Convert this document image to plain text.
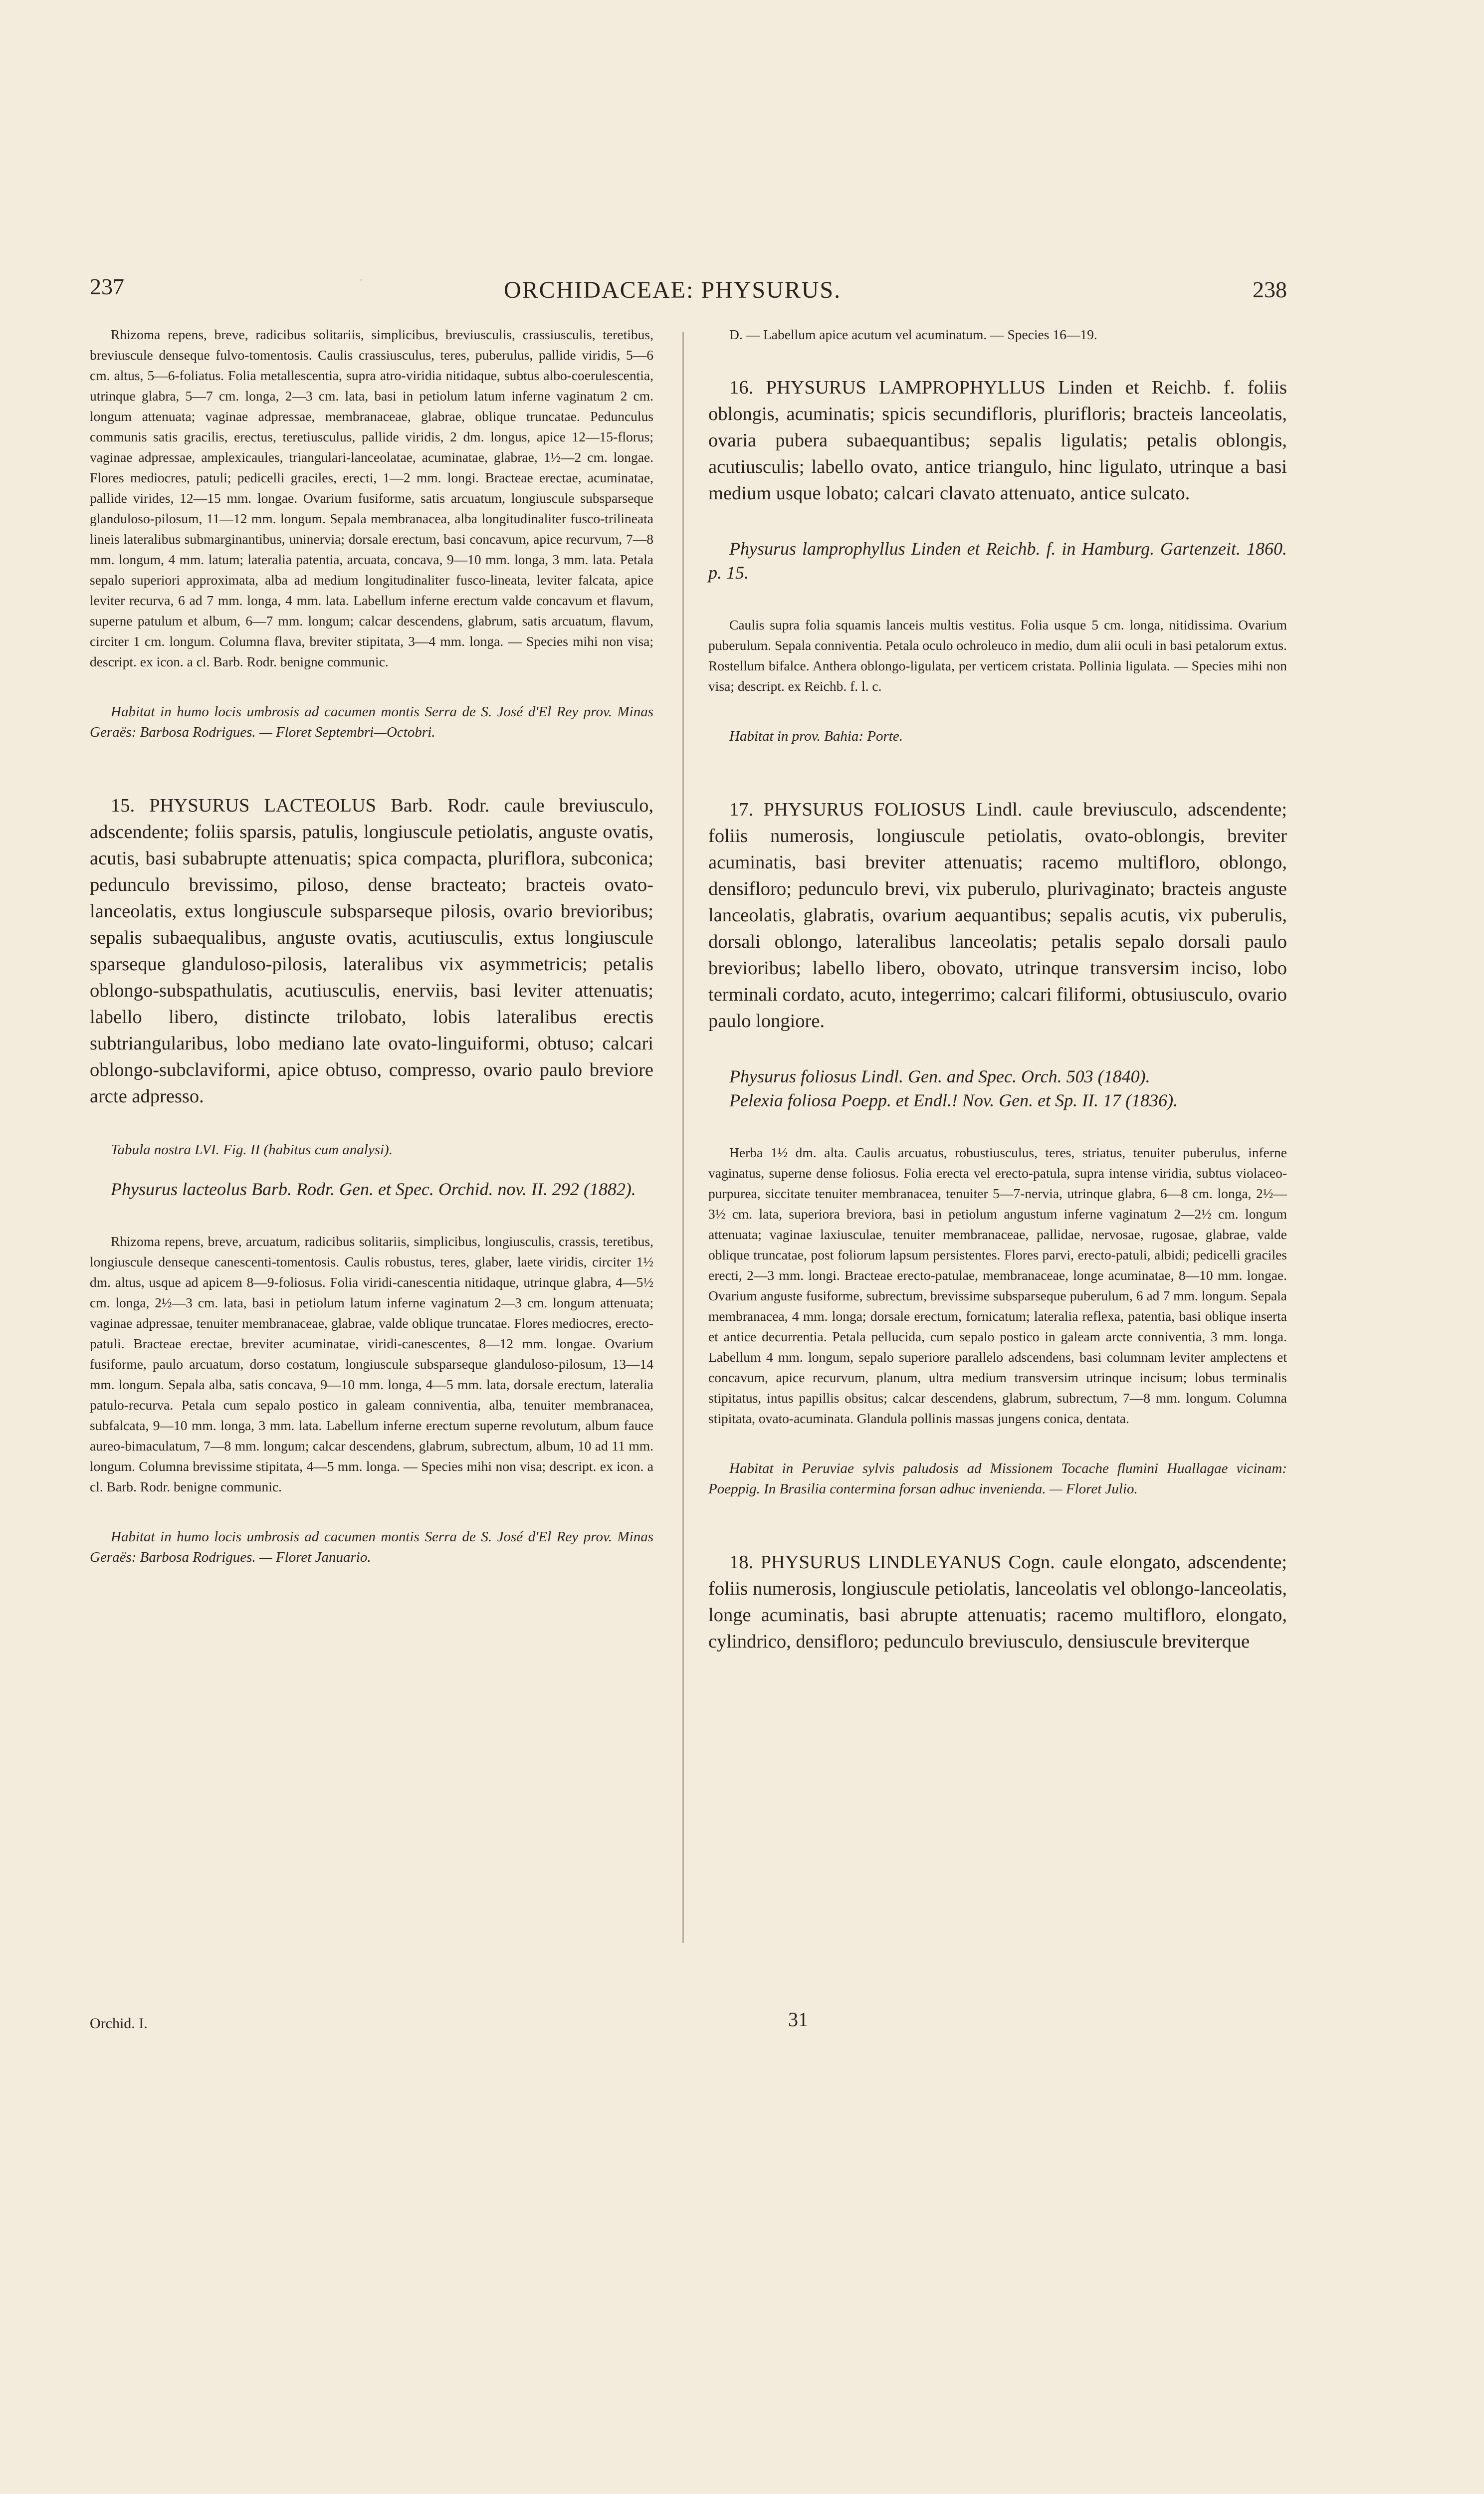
237	ORCHIDACEAE: PHYSURUS.	238
'

Rhizoma repens, breve, radicibus solitariis, simplicibus, breviusculis, crassiusculis, teretibus, breviuscule denseque fulvo-tomentosis. Caulis crassiusculus, teres, puberulus, pallide viridis, 5—6 cm. altus, 5—6-foliatus. Folia metallescentia, supra atro-viridia nitidaque, subtus albo-coerulescentia, utrinque glabra, 5—7 cm. longa, 2—3 cm. lata, basi in petiolum latum inferne vaginatum 2 cm. longum attenuata; vaginae adpressae, membranaceae, glabrae, oblique truncatae. Pedunculus communis satis gracilis, erectus, teretiusculus, pallide viridis, 2 dm. longus, apice 12—15-florus; vaginae adpressae, amplexicaules, triangulari-lanceolatae, acuminatae, glabrae, 1½—2 cm. longae. Flores mediocres, patuli; pedicelli graciles, erecti, 1—2 mm. longi. Bracteae erectae, acuminatae, pallide virides, 12—15 mm. longae. Ovarium fusiforme, satis arcuatum, longiuscule subsparseque glanduloso-pilosum, 11—12 mm. longum. Sepala membranacea, alba longitudinaliter fusco-trilineata lineis lateralibus submarginantibus, uninervia; dorsale erectum, basi concavum, apice recurvum, 7—8 mm. longum, 4 mm. latum; lateralia patentia, arcuata, concava, 9—10 mm. longa, 3 mm. lata. Petala sepalo superiori approximata, alba ad medium longitudinaliter fusco-lineata, leviter falcata, apice leviter recurva, 6 ad 7 mm. longa, 4 mm. lata. Labellum inferne erectum valde concavum et flavum, superne patulum et album, 6—7 mm. longum; calcar descendens, glabrum, satis arcuatum, flavum, circiter 1 cm. longum. Columna flava, breviter stipitata, 3—4 mm. longa. — Species mihi non visa; descript. ex icon. a cl. Barb. Rodr. benigne communic.

Habitat in humo locis umbrosis ad cacumen montis Serra de S. José d'El Rey prov. Minas Geraës: Barbosa Rodrigues. — Floret Septembri—Octobri.

15. PHYSURUS LACTEOLUS Barb. Rodr. caule breviusculo, adscendente; foliis sparsis, patulis, longiuscule petiolatis, anguste ovatis, acutis, basi subabrupte attenuatis; spica compacta, pluriflora, subconica; pedunculo brevissimo, piloso, dense bracteato; bracteis ovato-lanceolatis, extus longiuscule subsparseque pilosis, ovario brevioribus; sepalis subaequalibus, anguste ovatis, acutiusculis, extus longiuscule sparseque glanduloso-pilosis, lateralibus vix asymmetricis; petalis oblongo-subspathulatis, acutiusculis, enerviis, basi leviter attenuatis; labello libero, distincte trilobato, lobis lateralibus erectis subtriangularibus, lobo mediano late ovato-linguiformi, obtuso; calcari oblongo-subclaviformi, apice obtuso, compresso, ovario paulo breviore arcte adpresso.

Tabula nostra LVI. Fig. II (habitus cum analysi).

Physurus lacteolus Barb. Rodr. Gen. et Spec. Orchid. nov. II. 292 (1882).

Rhizoma repens, breve, arcuatum, radicibus solitariis, simplicibus, longiusculis, crassis, teretibus, longiuscule denseque canescenti-tomentosis. Caulis robustus, teres, glaber, laete viridis, circiter 1½ dm. altus, usque ad apicem 8—9-foliosus. Folia viridi-canescentia nitidaque, utrinque glabra, 4—5½ cm. longa, 2½—3 cm. lata, basi in petiolum latum inferne vaginatum 2—3 cm. longum attenuata; vaginae adpressae, tenuiter membranaceae, glabrae, valde oblique truncatae. Flores mediocres, erecto-patuli. Bracteae erectae, breviter acuminatae, viridi-canescentes, 8—12 mm. longae. Ovarium fusiforme, paulo arcuatum, dorso costatum, longiuscule subsparseque glanduloso-pilosum, 13—14 mm. longum. Sepala alba, satis concava, 9—10 mm. longa, 4—5 mm. lata, dorsale erectum, lateralia patulo-recurva. Petala cum sepalo postico in galeam conniventia, alba, tenuiter membranacea, subfalcata, 9—10 mm. longa, 3 mm. lata. Labellum inferne erectum superne revolutum, album fauce aureo-bimaculatum, 7—8 mm. longum; calcar descendens, glabrum, subrectum, album, 10 ad 11 mm. longum. Columna brevissime stipitata, 4—5 mm. longa. — Species mihi non visa; descript. ex icon. a cl. Barb. Rodr. benigne communic.

Habitat in humo locis umbrosis ad cacumen montis Serra de S. José d'El Rey prov. Minas Geraës: Barbosa Rodrigues. — Floret Januario.

D. — Labellum apice acutum vel acuminatum. — Species 16—19.

16. PHYSURUS LAMPROPHYLLUS Linden et Reichb. f. foliis oblongis, acuminatis; spicis secundifloris, plurifloris; bracteis lanceolatis, ovaria pubera subaequantibus; sepalis ligulatis; petalis oblongis, acutiusculis; labello ovato, antice triangulo, hinc ligulato, utrinque a basi medium usque lobato; calcari clavato attenuato, antice sulcato.

Physurus lamprophyllus Linden et Reichb. f. in Hamburg. Gartenzeit. 1860. p. 15.

Caulis supra folia squamis lanceis multis vestitus. Folia usque 5 cm. longa, nitidissima. Ovarium puberulum. Sepala conniventia. Petala oculo ochroleuco in medio, dum alii oculi in basi petalorum extus. Rostellum bifalce. Anthera oblongo-ligulata, per verticem cristata. Pollinia ligulata. — Species mihi non visa; descript. ex Reichb. f. l. c.

Habitat in prov. Bahia: Porte.

17. PHYSURUS FOLIOSUS Lindl. caule breviusculo, adscendente; foliis numerosis, longiuscule petiolatis, ovato-oblongis, breviter acuminatis, basi breviter attenuatis; racemo multifloro, oblongo, densifloro; pedunculo brevi, vix puberulo, plurivaginato; bracteis anguste lanceolatis, glabratis, ovarium aequantibus; sepalis acutis, vix puberulis, dorsali oblongo, lateralibus lanceolatis; petalis sepalo dorsali paulo brevioribus; labello libero, obovato, utrinque transversim inciso, lobo terminali cordato, acuto, integerrimo; calcari filiformi, obtusiusculo, ovario paulo longiore.

Physurus foliosus Lindl. Gen. and Spec. Orch. 503 (1840).

Pelexia foliosa Poepp. et Endl.! Nov. Gen. et Sp. II. 17 (1836).

Herba 1½ dm. alta. Caulis arcuatus, robustiusculus, teres, striatus, tenuiter puberulus, inferne vaginatus, superne dense foliosus. Folia erecta vel erecto-patula, supra intense viridia, subtus violaceo-purpurea, siccitate tenuiter membranacea, tenuiter 5—7-nervia, utrinque glabra, 6—8 cm. longa, 2½—3½ cm. lata, superiora breviora, basi in petiolum angustum inferne vaginatum 2—2½ cm. longum attenuata; vaginae laxiusculae, tenuiter membranaceae, pallidae, nervosae, rugosae, glabrae, valde oblique truncatae, post foliorum lapsum persistentes. Flores parvi, erecto-patuli, albidi; pedicelli graciles erecti, 2—3 mm. longi. Bracteae erecto-patulae, membranaceae, longe acuminatae, 8—10 mm. longae. Ovarium anguste fusiforme, subrectum, brevissime subsparseque puberulum, 6 ad 7 mm. longum. Sepala membranacea, 4 mm. longa; dorsale erectum, fornicatum; lateralia reflexa, patentia, basi oblique inserta et antice decurrentia. Petala pellucida, cum sepalo postico in galeam arcte conniventia, 3 mm. longa. Labellum 4 mm. longum, sepalo superiore parallelo adscendens, basi columnam leviter amplectens et concavum, apice recurvum, planum, ultra medium transversim utrinque incisum; lobus terminalis stipitatus, intus papillis obsitus; calcar descendens, glabrum, subrectum, 7—8 mm. longum. Columna stipitata, ovato-acuminata. Glandula pollinis massas jungens conica, dentata.

Habitat in Peruviae sylvis paludosis ad Missionem Tocache flumini Huallagae vicinam: Poeppig. In Brasilia contermina forsan adhuc invenienda. — Floret Julio.

18. PHYSURUS LINDLEYANUS Cogn. caule elongato, adscendente; foliis numerosis, longiuscule petiolatis, lanceolatis vel oblongo-lanceolatis, longe acuminatis, basi abrupte attenuatis; racemo multifloro, elongato, cylindrico, densifloro; pedunculo breviusculo, densiuscule breviterque

Orchid. I.	31
